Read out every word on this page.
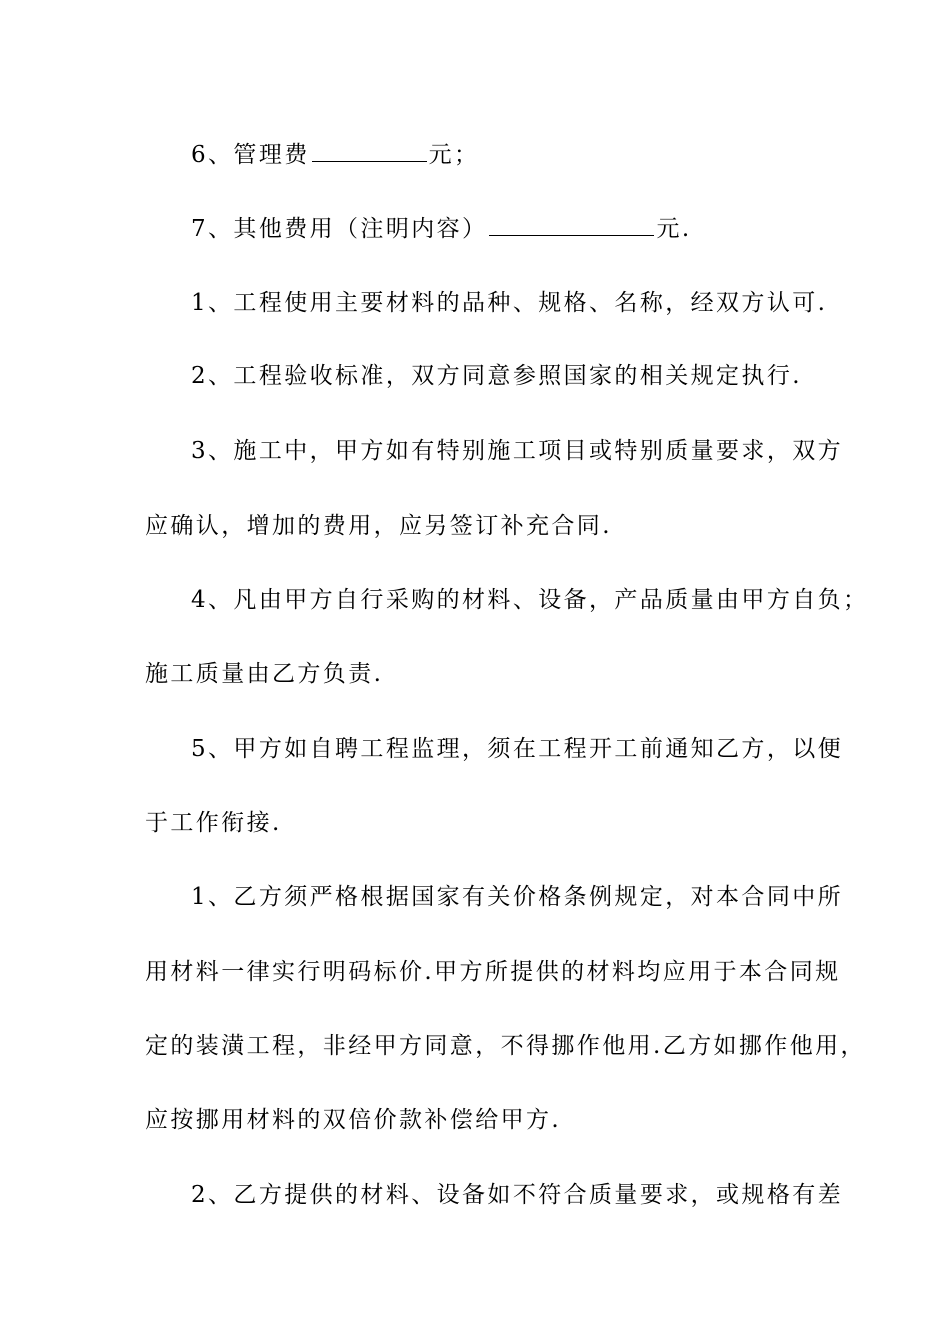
6、管理费	元；
7、其他费用（注明内容）	元.
1、工程使用主要材料的品种、规格、名称，经双方认可.
2、工程验收标准，双方同意参照国家的相关规定执行.
3、施工中，甲方如有特别施工项目或特别质量要求，双方
应确认，增加的费用，应另签订补充合同.
4、凡由甲方自行采购的材料、设备，产品质量由甲方自负；
施工质量由乙方负责.
5、甲方如自聘工程监理，须在工程开工前通知乙方，以便
于工作衔接.
1、乙方须严格根据国家有关价格条例规定，对本合同中所
用材料一律实行明码标价.甲方所提供的材料均应用于本合同规
定的装潢工程，非经甲方同意，不得挪作他用.乙方如挪作他用，
应按挪用材料的双倍价款补偿给甲方.
2、乙方提供的材料、设备如不符合质量要求，或规格有差
